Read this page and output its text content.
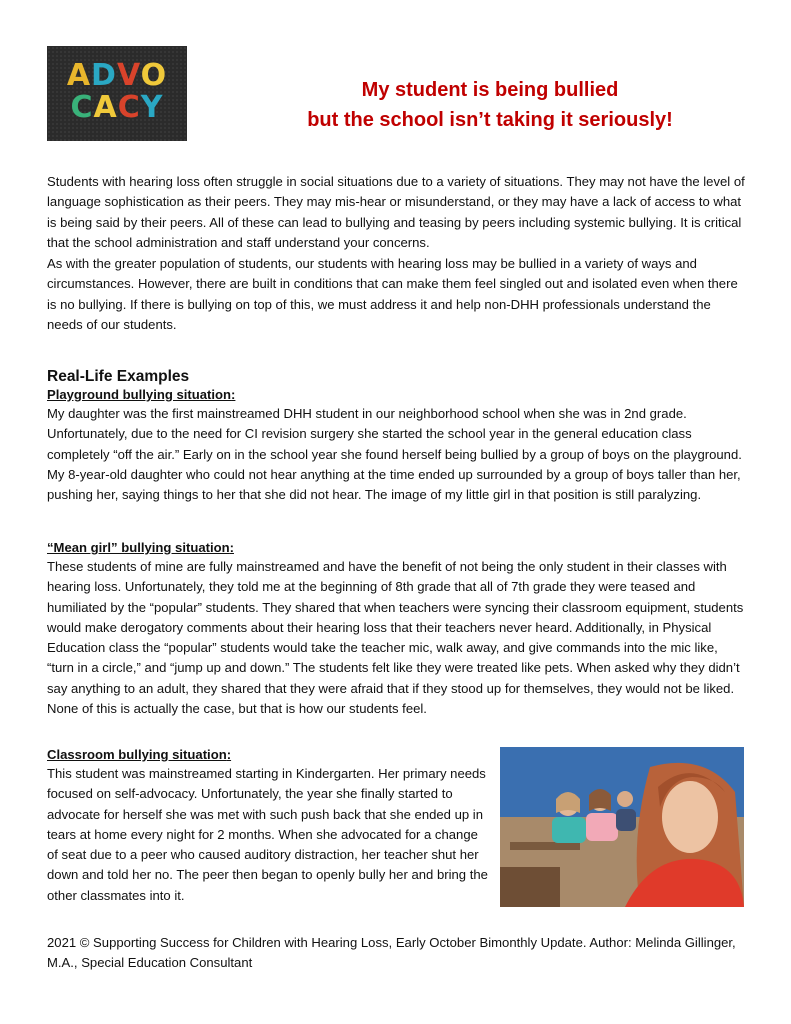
ADVO
CACY	My student is being bullied
but the school isn’t taking it seriously!

Students with hearing loss often struggle in social situations due to a variety of situations. They may not have the level of language sophistication as their peers. They may mis-hear or misunderstand, or they may have a lack of access to what is being said by their peers. All of these can lead to bullying and teasing by peers including systemic bullying. It is critical that the school administration and staff understand your concerns.

As with the greater population of students, our students with hearing loss may be bullied in a variety of ways and circumstances. However, there are built in conditions that can make them feel singled out and isolated even when there is no bullying. If there is bullying on top of this, we must address it and help non-DHH professionals understand the needs of our students.

Real-Life Examples
Playground bullying situation:

My daughter was the first mainstreamed DHH student in our neighborhood school when she was in 2nd grade. Unfortunately, due to the need for CI revision surgery she started the school year in the general education class completely “off the air.” Early on in the school year she found herself being bullied by a group of boys on the playground. My 8-year-old daughter who could not hear anything at the time ended up surrounded by a group of boys taller than her, pushing her, saying things to her that she did not hear. The image of my little girl in that position is still paralyzing.

“Mean girl” bullying situation:

These students of mine are fully mainstreamed and have the benefit of not being the only student in their classes with hearing loss. Unfortunately, they told me at the beginning of 8th grade that all of 7th grade they were teased and humiliated by the “popular” students. They shared that when teachers were syncing their classroom equipment, students would make derogatory comments about their hearing loss that their teachers never heard. Additionally, in Physical Education class the “popular” students would take the teacher mic, walk away, and give commands into the mic like, “turn in a circle,” and “jump up and down.” The students felt like they were treated like pets. When asked why they didn’t say anything to an adult, they shared that they were afraid that if they stood up for themselves, they would not be liked. None of this is actually the case, but that is how our students feel.

Classroom bullying situation:

This student was mainstreamed starting in Kindergarten. Her primary needs focused on self-advocacy. Unfortunately, the year she finally started to advocate for herself she was met with such push back that she ended up in tears at home every night for 2 months. When she advocated for a change of seat due to a peer who caused auditory distraction, her teacher shut her down and told her no. The peer then began to openly bully her and bring the other classmates into it.

2021 © Supporting Success for Children with Hearing Loss, Early October Bimonthly Update. Author: Melinda Gillinger, M.A., Special Education Consultant
